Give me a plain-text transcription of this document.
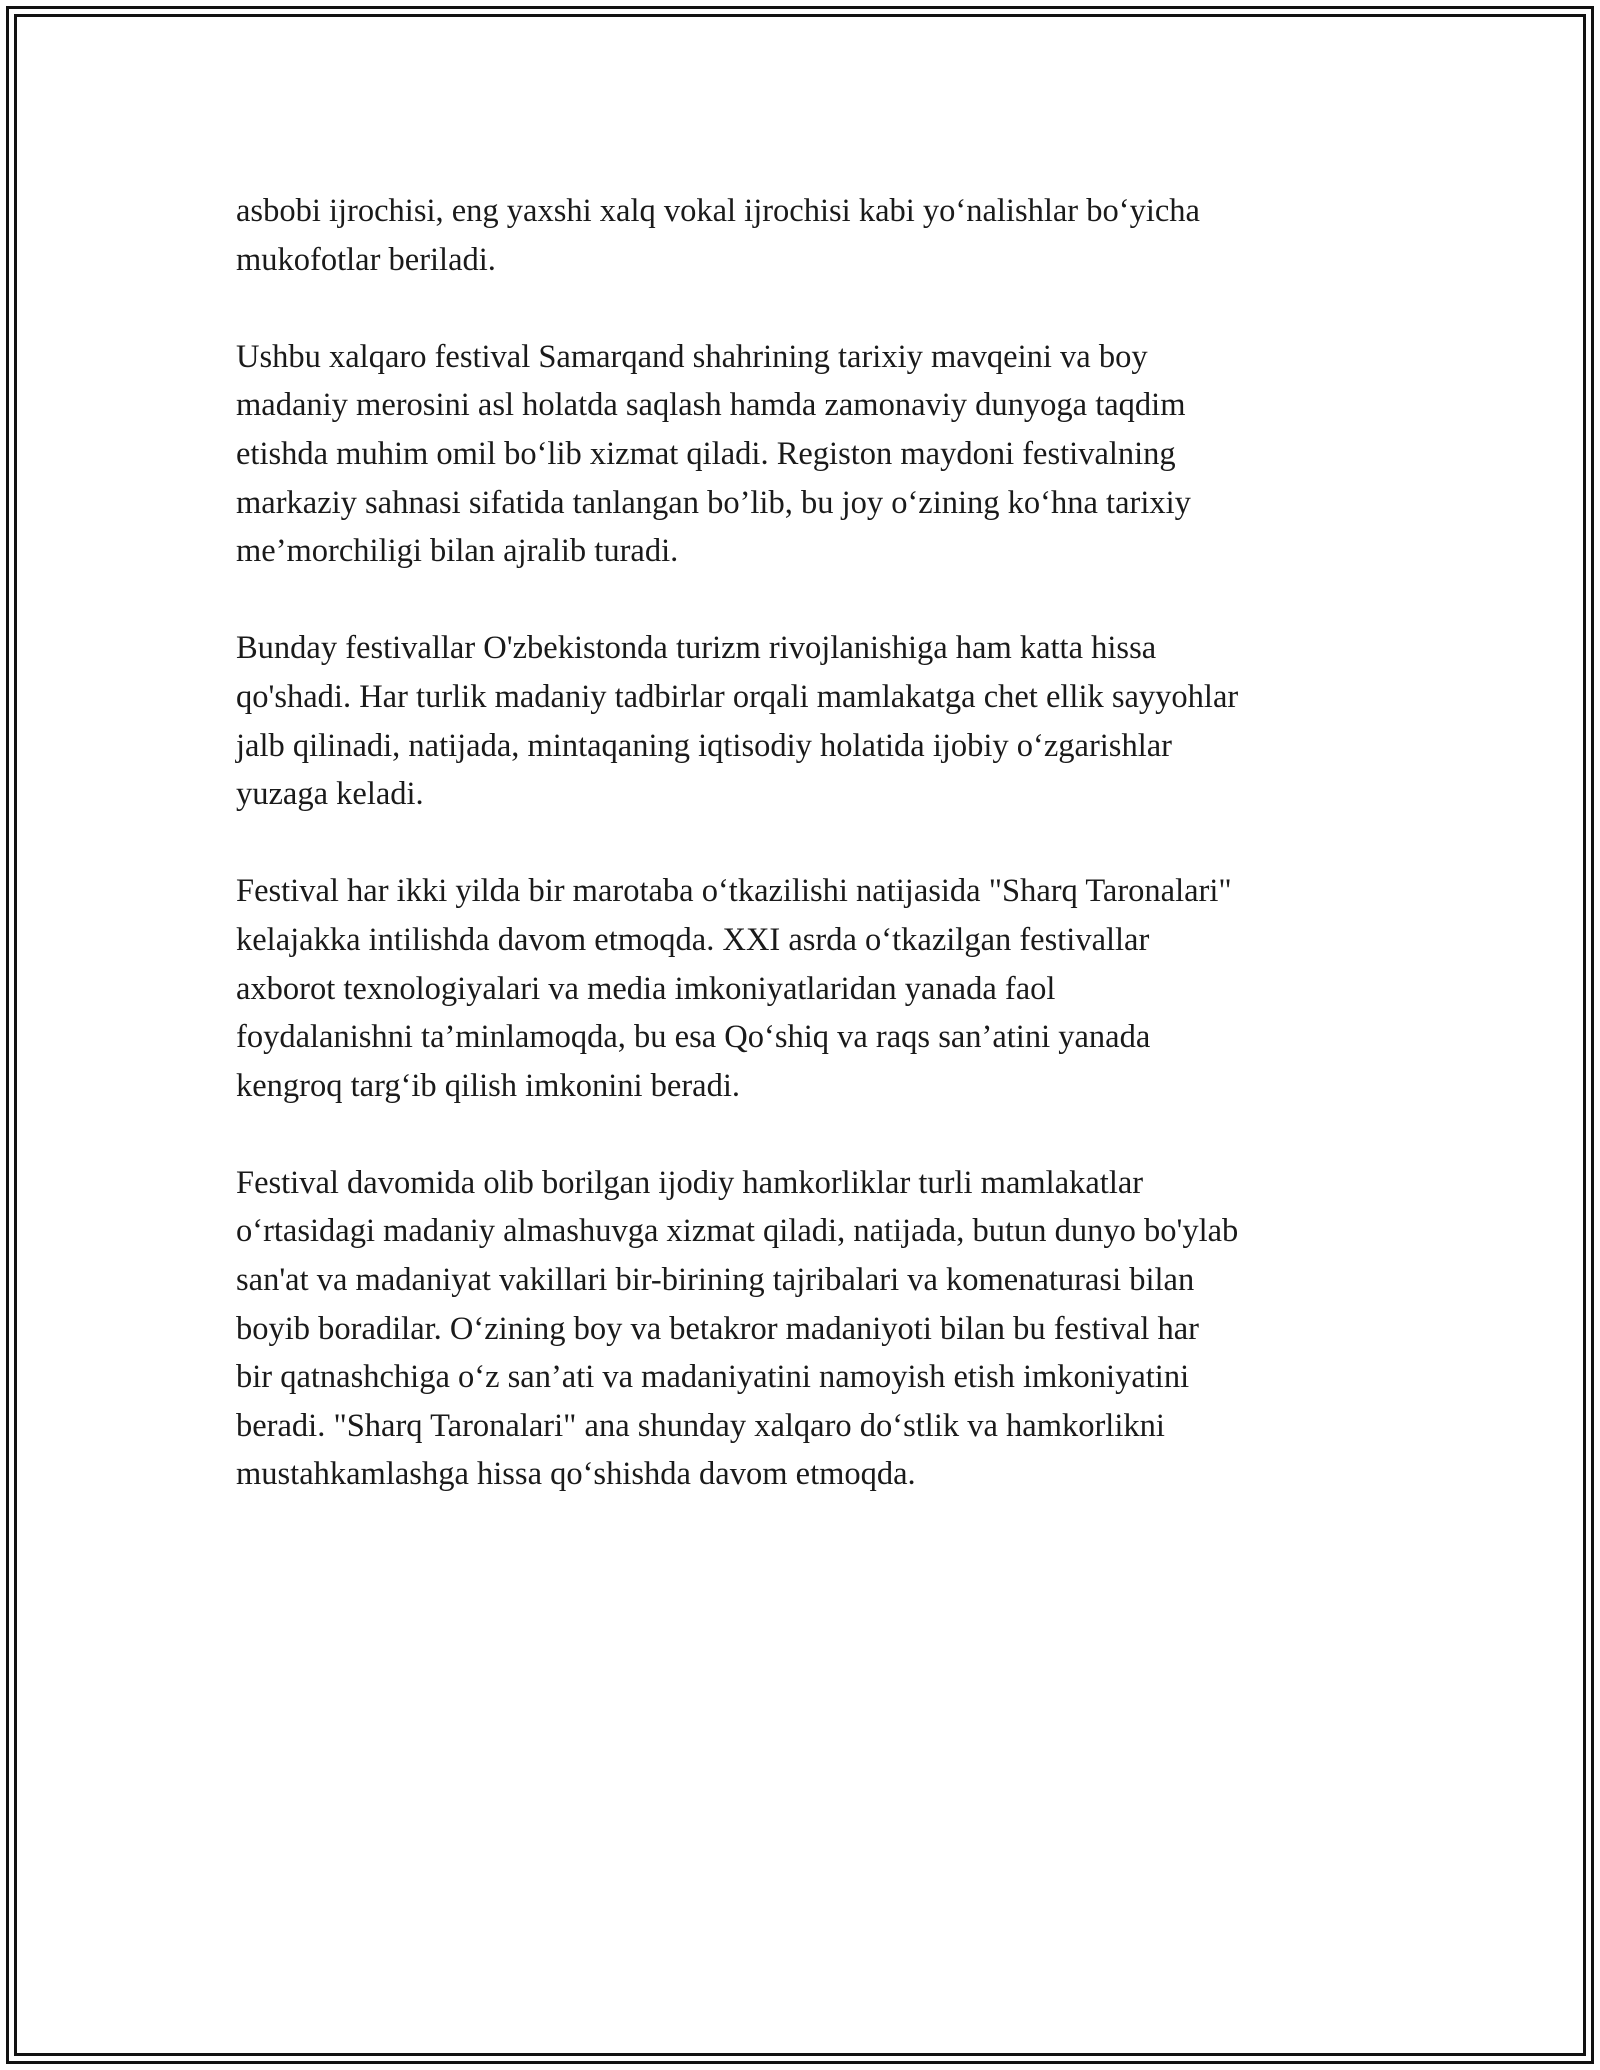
asbobi ijrochisi, eng yaxshi xalq vokal ijrochisi kabi yo‘nalishlar bo‘yicha
mukofotlar beriladi.

Ushbu xalqaro festival Samarqand shahrining tarixiy mavqeini va boy
madaniy merosini asl holatda saqlash hamda zamonaviy dunyoga taqdim
etishda muhim omil bo‘lib xizmat qiladi. Registon maydoni festivalning
markaziy sahnasi sifatida tanlangan bo’lib, bu joy o‘zining ko‘hna tarixiy
me’morchiligi bilan ajralib turadi.

Bunday festivallar O'zbekistonda turizm rivojlanishiga ham katta hissa
qo'shadi. Har turlik madaniy tadbirlar orqali mamlakatga chet ellik sayyohlar
jalb qilinadi, natijada, mintaqaning iqtisodiy holatida ijobiy o‘zgarishlar
yuzaga keladi.

Festival har ikki yilda bir marotaba o‘tkazilishi natijasida "Sharq Taronalari"
kelajakka intilishda davom etmoqda. XXI asrda o‘tkazilgan festivallar
axborot texnologiyalari va media imkoniyatlaridan yanada faol
foydalanishni ta’minlamoqda, bu esa Qo‘shiq va raqs san’atini yanada
kengroq targ‘ib qilish imkonini beradi.

Festival davomida olib borilgan ijodiy hamkorliklar turli mamlakatlar
o‘rtasidagi madaniy almashuvga xizmat qiladi, natijada, butun dunyo bo'ylab
san'at va madaniyat vakillari bir-birining tajribalari va komenaturasi bilan
boyib boradilar. O‘zining boy va betakror madaniyoti bilan bu festival har
bir qatnashchiga o‘z san’ati va madaniyatini namoyish etish imkoniyatini
beradi. "Sharq Taronalari" ana shunday xalqaro do‘stlik va hamkorlikni
mustahkamlashga hissa qo‘shishda davom etmoqda.
